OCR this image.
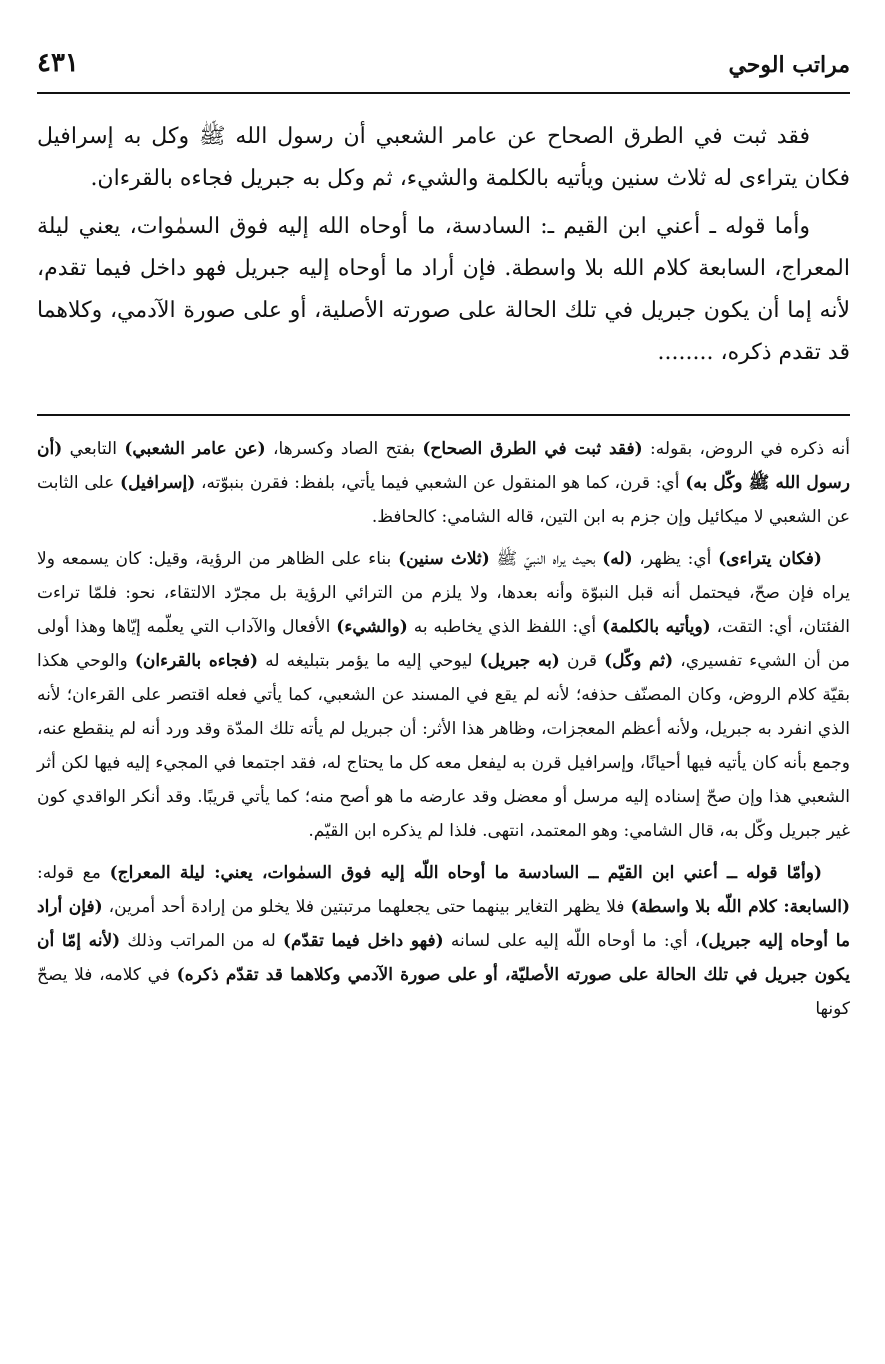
مراتب الوحي
٤٣١

فقد ثبت في الطرق الصحاح عن عامر الشعبي أن رسول الله ﷺ وكل به إسرافيل فكان يتراءى له ثلاث سنين ويأتيه بالكلمة والشيء، ثم وكل به جبريل فجاءه بالقرءان.

وأما قوله ـ أعني ابن القيم ـ: السادسة، ما أوحاه الله إليه فوق السمٰوات، يعني ليلة المعراج، السابعة كلام الله بلا واسطة. فإن أراد ما أوحاه إليه جبريل فهو داخل فيما تقدم، لأنه إما أن يكون جبريل في تلك الحالة على صورته الأصلية، أو على صورة الآدمي، وكلاهما قد تقدم ذكره، ........

أنه ذكره في الروض، بقوله: (فقد ثبت في الطرق الصحاح) بفتح الصاد وكسرها، (عن عامر الشعبي) التابعي (أن رسول الله ﷺ وكّل به) أي: قرن، كما هو المنقول عن الشعبي فيما يأتي، بلفظ: فقرن بنبوّته، (إسرافيل) على الثابت عن الشعبي لا ميكائيل وإن جزم به ابن التين، قاله الشامي: كالحافظ.

(فكان يتراءى) أي: يظهر، (له) بحيث يراه النبيّ ﷺ (ثلاث سنين) بناء على الظاهر من الرؤية، وقيل: كان يسمعه ولا يراه فإن صحّ، فيحتمل أنه قبل النبوّة وأنه بعدها، ولا يلزم من الترائي الرؤية بل مجرّد الالتقاء، نحو: فلمّا تراءت الفئتان، أي: التقت، (ويأتيه بالكلمة) أي: اللفظ الذي يخاطبه به (والشيء) الأفعال والآداب التي يعلّمه إيّاها وهذا أولى من أن الشيء تفسيري، (ثم وكّل) قرن (به جبريل) ليوحي إليه ما يؤمر بتبليغه له (فجاءه بالقرءان) والوحي هكذا بقيّة كلام الروض، وكان المصنّف حذفه؛ لأنه لم يقع في المسند عن الشعبي، كما يأتي فعله اقتصر على القرءان؛ لأنه الذي انفرد به جبريل، ولأنه أعظم المعجزات، وظاهر هذا الأثر: أن جبريل لم يأته تلك المدّة وقد ورد أنه لم ينقطع عنه، وجمع بأنه كان يأتيه فيها أحيانًا، وإسرافيل قرن به ليفعل معه كل ما يحتاج له، فقد اجتمعا في المجيء إليه فيها لكن أثر الشعبي هذا وإن صحّ إسناده إليه مرسل أو معضل وقد عارضه ما هو أصح منه؛ كما يأتي قريبًا. وقد أنكر الواقدي كون غير جبريل وكّل به، قال الشامي: وهو المعتمد، انتهى. فلذا لم يذكره ابن القيّم.

(وأمّا قوله ــ أعني ابن القيّم ــ السادسة ما أوحاه اللّه إليه فوق السمٰوات، يعني: ليلة المعراج) مع قوله: (السابعة: كلام اللّه بلا واسطة) فلا يظهر التغاير بينهما حتى يجعلهما مرتبتين فلا يخلو من إرادة أحد أمرين، (فإن أراد ما أوحاه إليه جبريل)، أي: ما أوحاه اللّه إليه على لسانه (فهو داخل فيما تقدّم) له من المراتب وذلك (لأنه إمّا أن يكون جبريل في تلك الحالة على صورته الأصليّة، أو على صورة الآدمي وكلاهما قد تقدّم ذكره) في كلامه، فلا يصحّ كونها
